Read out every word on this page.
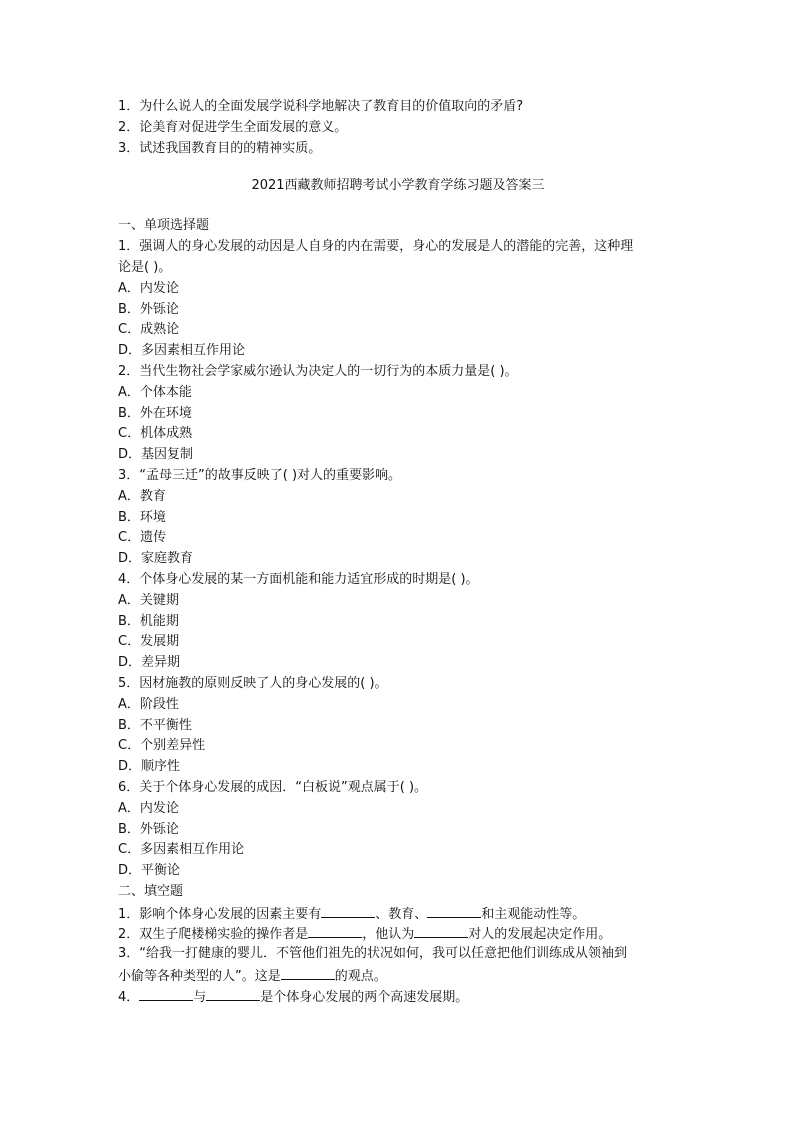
1．为什么说人的全面发展学说科学地解决了教育目的价值取向的矛盾?
2．论美育对促进学生全面发展的意义。
3．试述我国教育目的的精神实质。
2021西藏教师招聘考试小学教育学练习题及答案三
一、单项选择题
1．强调人的身心发展的动因是人自身的内在需要，身心的发展是人的潜能的完善，这种理
论是( )。
A．内发论
B．外铄论
C．成熟论
D．多因素相互作用论
2．当代生物社会学家威尔逊认为决定人的一切行为的本质力量是( )。
A．个体本能
B．外在环境
C．机体成熟
D．基因复制
3．“孟母三迁”的故事反映了( )对人的重要影响。
A．教育
B．环境
C．遗传
D．家庭教育
4．个体身心发展的某一方面机能和能力适宜形成的时期是( )。
A．关键期
B．机能期
C．发展期
D．差异期
5．因材施教的原则反映了人的身心发展的( )。
A．阶段性
B．不平衡性
C．个别差异性
D．顺序性
6．关于个体身心发展的成因．“白板说”观点属于( )。
A．内发论
B．外铄论
C．多因素相互作用论
D．平衡论
二、填空题
1．影响个体身心发展的因素主要有	、教育、	和主观能动性等。
2．双生子爬楼梯实验的操作者是	，他认为	对人的发展起决定作用。
3．“给我一打健康的婴儿．不管他们祖先的状况如何，我可以任意把他们训练成从领袖到
小偷等各种类型的人”。这是	的观点。
4．	与	是个体身心发展的两个高速发展期。
